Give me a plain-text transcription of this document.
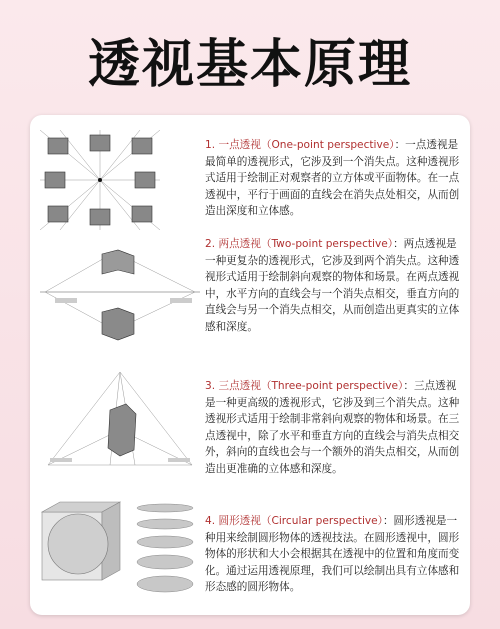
透视基本原理
1. 一点透视（One-point perspective）：一点透视是最简单的透视形式，它涉及到一个消失点。这种透视形式适用于绘制正对观察者的立方体或平面物体。在一点透视中，平行于画面的直线会在消失点处相交，从而创造出深度和立体感。
2. 两点透视（Two-point perspective）：两点透视是一种更复杂的透视形式，它涉及到两个消失点。这种透视形式适用于绘制斜向观察的物体和场景。在两点透视中，水平方向的直线会与一个消失点相交，垂直方向的直线会与另一个消失点相交，从而创造出更真实的立体感和深度。
3. 三点透视（Three-point perspective）：三点透视是一种更高级的透视形式，它涉及到三个消失点。这种透视形式适用于绘制非常斜向观察的物体和场景。在三点透视中，除了水平和垂直方向的直线会与消失点相交外，斜向的直线也会与一个额外的消失点相交，从而创造出更准确的立体感和深度。
4. 圆形透视（Circular perspective）：圆形透视是一种用来绘制圆形物体的透视技法。在圆形透视中，圆形物体的形状和大小会根据其在透视中的位置和角度而变化。通过运用透视原理，我们可以绘制出具有立体感和形态感的圆形物体。
